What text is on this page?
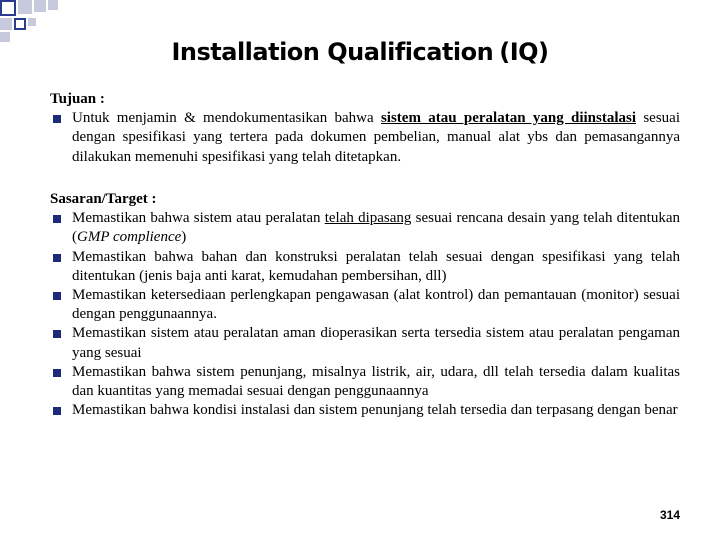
Installation Qualification (IQ)
Tujuan :
Untuk menjamin & mendokumentasikan bahwa sistem atau peralatan yang diinstalasi sesuai dengan spesifikasi yang tertera pada dokumen pembelian, manual alat ybs dan pemasangannya dilakukan memenuhi spesifikasi yang telah ditetapkan.
Sasaran/Target :
Memastikan bahwa sistem atau peralatan telah dipasang sesuai rencana desain yang telah ditentukan (GMP complience)
Memastikan bahwa bahan dan konstruksi peralatan telah sesuai dengan spesifikasi yang telah ditentukan (jenis baja anti karat, kemudahan pembersihan, dll)
Memastikan ketersediaan perlengkapan pengawasan (alat kontrol) dan pemantauan (monitor) sesuai dengan penggunaannya.
Memastikan sistem atau peralatan aman dioperasikan serta tersedia sistem atau peralatan pengaman yang sesuai
Memastikan bahwa sistem penunjang, misalnya listrik, air, udara, dll telah tersedia dalam kualitas dan kuantitas yang memadai sesuai dengan penggunaannya
Memastikan bahwa kondisi instalasi dan sistem penunjang telah tersedia dan terpasang dengan benar
314
